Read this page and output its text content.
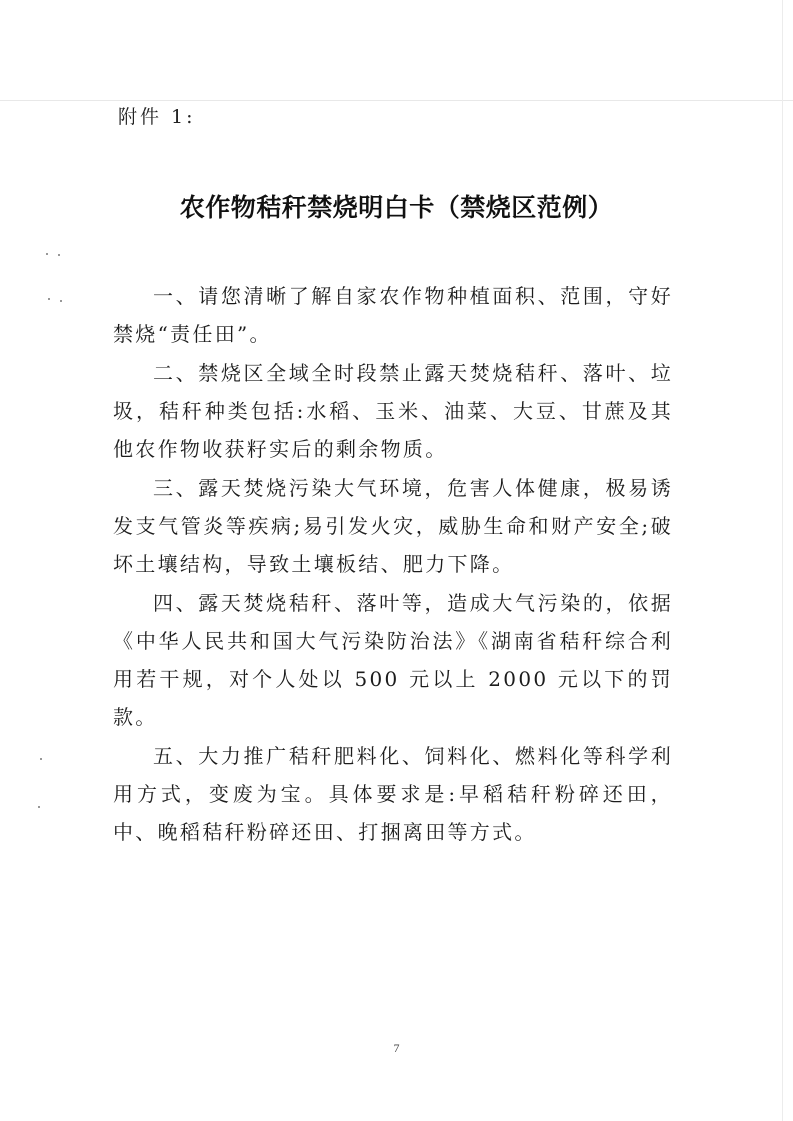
附件 1:
农作物秸秆禁烧明白卡（禁烧区范例）

一、请您清晰了解自家农作物种植面积、范围，守好禁烧“责任田”。

二、禁烧区全域全时段禁止露天焚烧秸秆、落叶、垃圾，秸秆种类包括:水稻、玉米、油菜、大豆、甘蔗及其他农作物收获籽实后的剩余物质。

三、露天焚烧污染大气环境，危害人体健康，极易诱发支气管炎等疾病;易引发火灾，威胁生命和财产安全;破坏土壤结构，导致土壤板结、肥力下降。

四、露天焚烧秸秆、落叶等，造成大气污染的，依据《中华人民共和国大气污染防治法》《湖南省秸秆综合利用若干规，对个人处以 500 元以上 2000 元以下的罚款。

五、大力推广秸秆肥料化、饲料化、燃料化等科学利用方式，变废为宝。具体要求是:早稻秸秆粉碎还田，中、晚稻秸秆粉碎还田、打捆离田等方式。

7
